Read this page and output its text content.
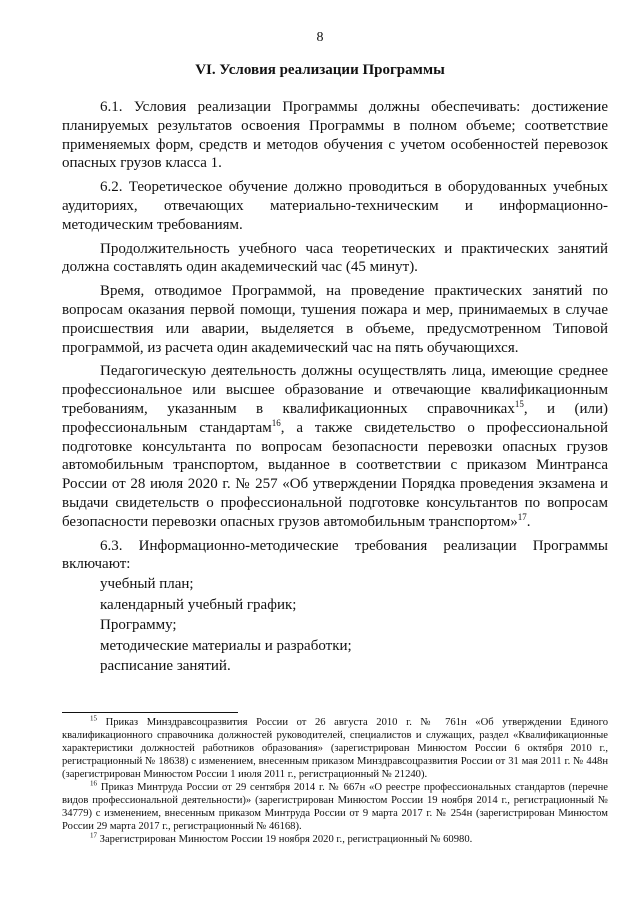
8
VI. Условия реализации Программы

6.1. Условия реализации Программы должны обеспечивать: достижение планируемых результатов освоения Программы в полном объеме; соответствие применяемых форм, средств и методов обучения с учетом особенностей перевозок опасных грузов класса 1.

6.2. Теоретическое обучение должно проводиться в оборудованных учебных аудиториях, отвечающих материально-техническим и информационно-методическим требованиям.

Продолжительность учебного часа теоретических и практических занятий должна составлять один академический час (45 минут).

Время, отводимое Программой, на проведение практических занятий по вопросам оказания первой помощи, тушения пожара и мер, принимаемых в случае происшествия или аварии, выделяется в объеме, предусмотренном Типовой программой, из расчета один академический час на пять обучающихся.

Педагогическую деятельность должны осуществлять лица, имеющие среднее профессиональное или высшее образование и отвечающие квалификационным требованиям, указанным в квалификационных справочниках$^{15}$, и (или) профессиональным стандартам$^{16}$, а также свидетельство о профессиональной подготовке консультанта по вопросам безопасности перевозки опасных грузов автомобильным транспортом, выданное в соответствии с приказом Минтранса России от 28 июля 2020 г. № 257 «Об утверждении Порядка проведения экзамена и выдачи свидетельств о профессиональной подготовке консультантов по вопросам безопасности перевозки опасных грузов автомобильным транспортом»$^{17}$.

6.3. Информационно-методические требования реализации Программы включают:

учебный план;
календарный учебный график;
Программу;
методические материалы и разработки;
расписание занятий.

$^{15}$ Приказ Минздравсоцразвития России от 26 августа 2010 г. № 761н «Об утверждении Единого квалификационного справочника должностей руководителей, специалистов и служащих, раздел «Квалификационные характеристики должностей работников образования» (зарегистрирован Минюстом России 6 октября 2010 г., регистрационный № 18638) с изменением, внесенным приказом Минздравсоцразвития России от 31 мая 2011 г. № 448н (зарегистрирован Минюстом России 1 июля 2011 г., регистрационный № 21240).

$^{16}$ Приказ Минтруда России от 29 сентября 2014 г. № 667н «О реестре профессиональных стандартов (перечне видов профессиональной деятельности)» (зарегистрирован Минюстом России 19 ноября 2014 г., регистрационный № 34779) с изменением, внесенным приказом Минтруда России от 9 марта 2017 г. № 254н (зарегистрирован Минюстом России 29 марта 2017 г., регистрационный № 46168).

$^{17}$ Зарегистрирован Минюстом России 19 ноября 2020 г., регистрационный № 60980.
